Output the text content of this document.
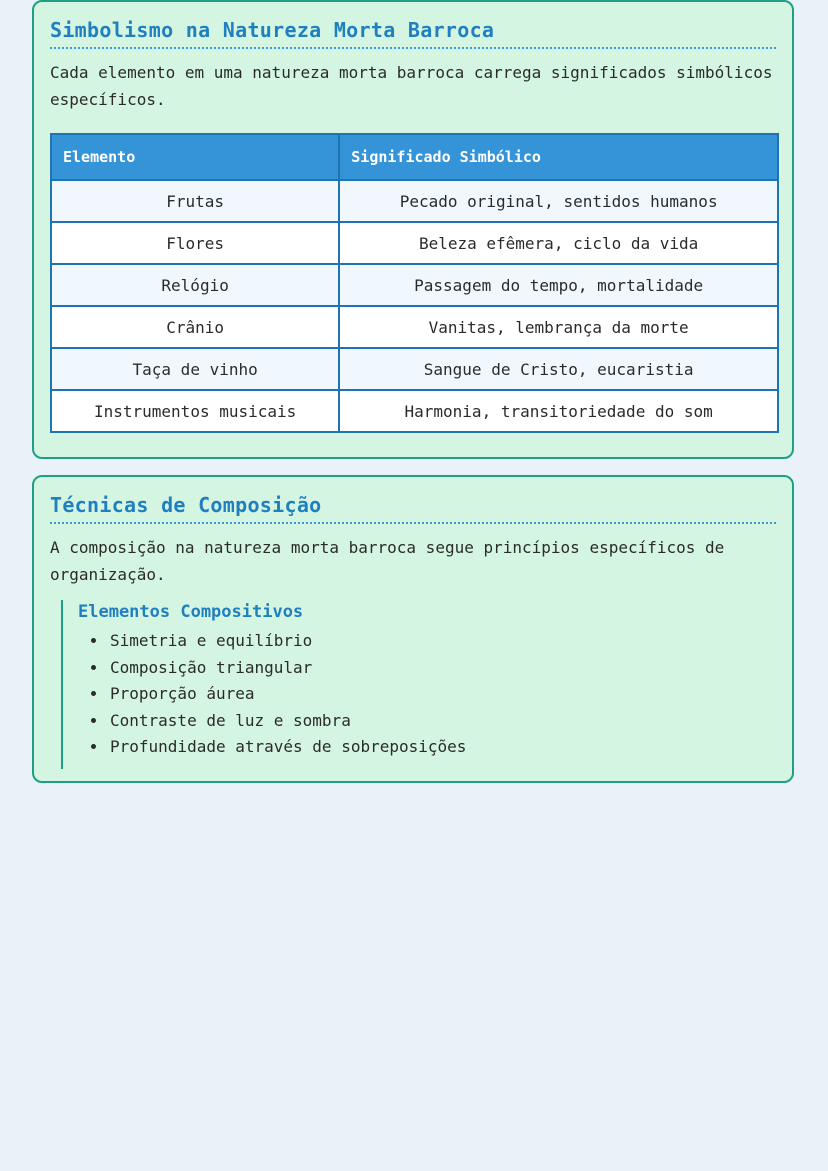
Simbolismo na Natureza Morta Barroca

Cada elemento em uma natureza morta barroca carrega significados simbólicos específicos.

Elemento	Significado Simbólico
Frutas	Pecado original, sentidos humanos
Flores	Beleza efêmera, ciclo da vida
Relógio	Passagem do tempo, mortalidade
Crânio	Vanitas, lembrança da morte
Taça de vinho	Sangue de Cristo, eucaristia
Instrumentos musicais	Harmonia, transitoriedade do som
Técnicas de Composição

A composição na natureza morta barroca segue princípios específicos de organização.

Elementos Compositivos
• Simetria e equilíbrio
• Composição triangular
• Proporção áurea
• Contraste de luz e sombra
• Profundidade através de sobreposições
